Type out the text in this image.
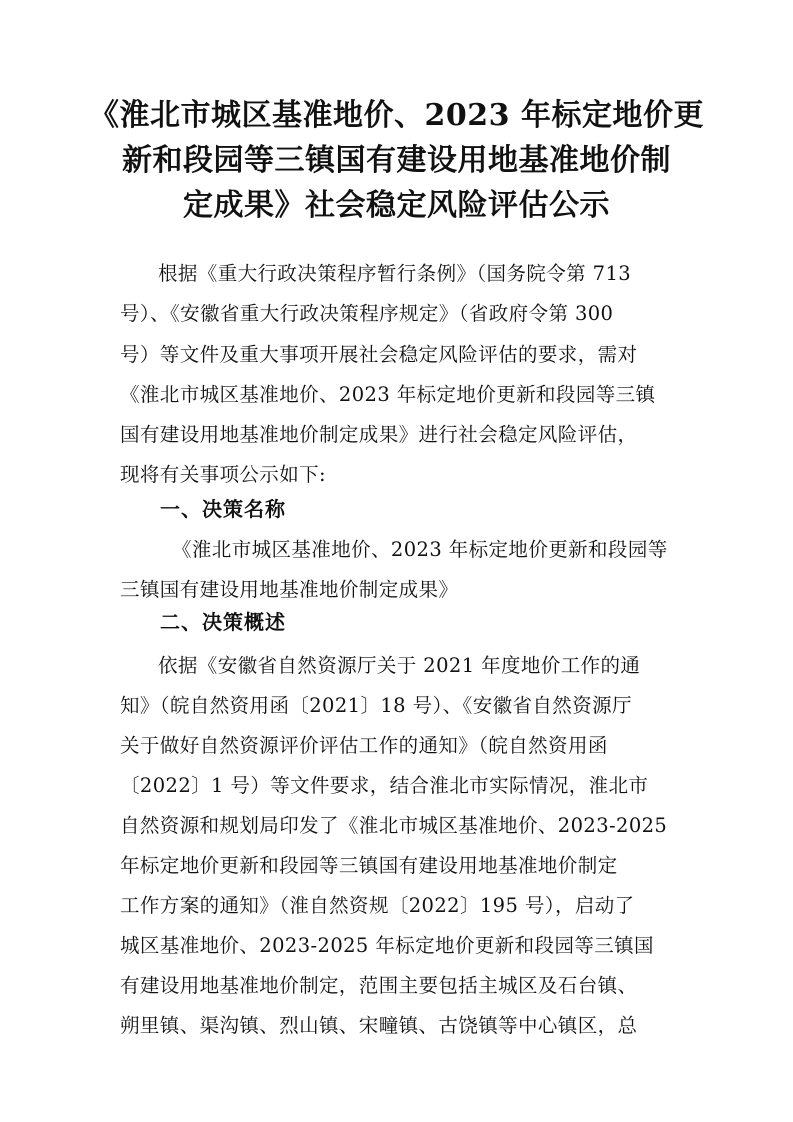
《淮北市城区基准地价、2023 年标定地价更
新和段园等三镇国有建设用地基准地价制
定成果》社会稳定风险评估公示
根据《重大行政决策程序暂行条例》（国务院令第 713
号）、《安徽省重大行政决策程序规定》（省政府令第 300
号）等文件及重大事项开展社会稳定风险评估的要求，需对
《淮北市城区基准地价、2023 年标定地价更新和段园等三镇
国有建设用地基准地价制定成果》进行社会稳定风险评估，
现将有关事项公示如下:
一、决策名称
《淮北市城区基准地价、2023 年标定地价更新和段园等
三镇国有建设用地基准地价制定成果》
二、决策概述
依据《安徽省自然资源厅关于 2021 年度地价工作的通
知》（皖自然资用函〔2021〕18 号）、《安徽省自然资源厅
关于做好自然资源评价评估工作的通知》（皖自然资用函
〔2022〕1 号）等文件要求，结合淮北市实际情况，淮北市
自然资源和规划局印发了《淮北市城区基准地价、2023-2025
年标定地价更新和段园等三镇国有建设用地基准地价制定
工作方案的通知》（淮自然资规〔2022〕195 号），启动了
城区基准地价、2023-2025 年标定地价更新和段园等三镇国
有建设用地基准地价制定，范围主要包括主城区及石台镇、
朔里镇、渠沟镇、烈山镇、宋疃镇、古饶镇等中心镇区，总
